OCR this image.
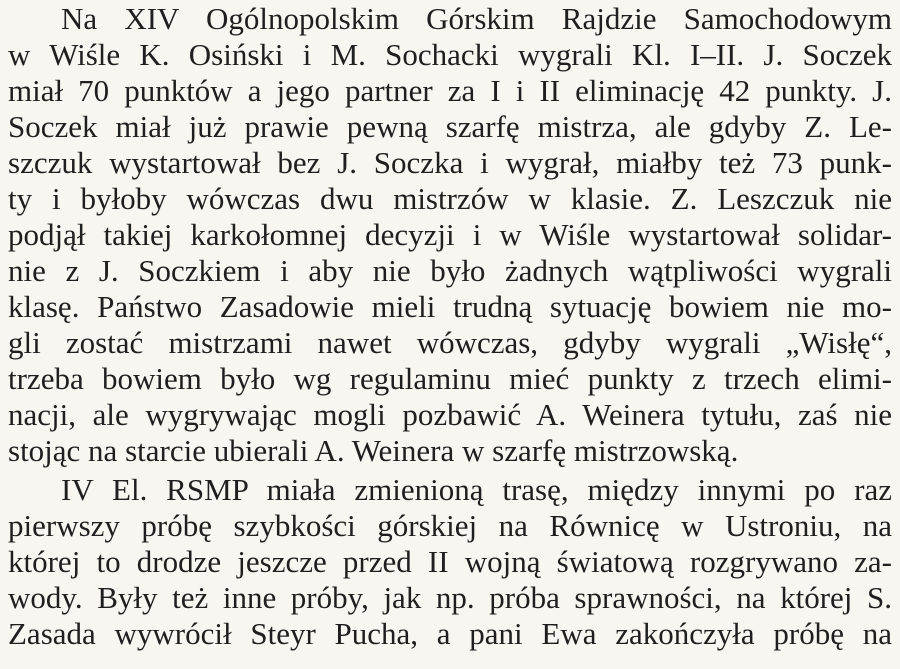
Na XIV Ogólnopolskim Górskim Rajdzie Samochodowym
w Wiśle K. Osiński i M. Sochacki wygrali Kl. I–II. J. Soczek
miał 70 punktów a jego partner za I i II eliminację 42 punkty. J.
Soczek miał już prawie pewną szarfę mistrza, ale gdyby Z. Le-
szczuk wystartował bez J. Soczka i wygrał, miałby też 73 punk-
ty i byłoby wówczas dwu mistrzów w klasie. Z. Leszczuk nie
podjął takiej karkołomnej decyzji i w Wiśle wystartował solidar-
nie z J. Soczkiem i aby nie było żadnych wątpliwości wygrali
klasę. Państwo Zasadowie mieli trudną sytuację bowiem nie mo-
gli zostać mistrzami nawet wówczas, gdyby wygrali „Wisłę“,
trzeba bowiem było wg regulaminu mieć punkty z trzech elimi-
nacji, ale wygrywając mogli pozbawić A. Weinera tytułu, zaś nie
stojąc na starcie ubierali A. Weinera w szarfę mistrzowską.
IV El. RSMP miała zmienioną trasę, między innymi po raz
pierwszy próbę szybkości górskiej na Równicę w Ustroniu, na
której to drodze jeszcze przed II wojną światową rozgrywano za-
wody. Były też inne próby, jak np. próba sprawności, na której S.
Zasada wywrócił Steyr Pucha, a pani Ewa zakończyła próbę na
